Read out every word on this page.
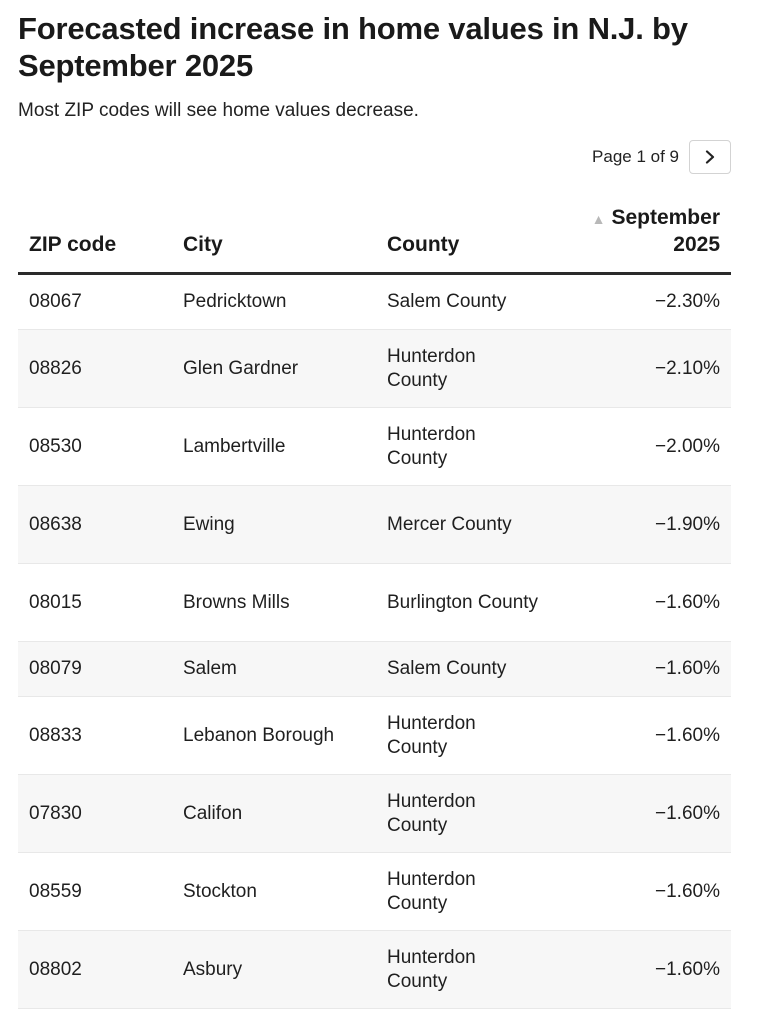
Forecasted increase in home values in N.J. by September 2025

Most ZIP codes will see home values decrease.

Page 1 of 9
ZIP code	City	County	▲ September 2025
08067	Pedricktown	Salem County	−2.30%
08826	Glen Gardner	Hunterdon County	−2.10%
08530	Lambertville	Hunterdon County	−2.00%
08638	Ewing	Mercer County	−1.90%
08015	Browns Mills	Burlington County	−1.60%
08079	Salem	Salem County	−1.60%
08833	Lebanon Borough	Hunterdon County	−1.60%
07830	Califon	Hunterdon County	−1.60%
08559	Stockton	Hunterdon County	−1.60%
08802	Asbury	Hunterdon County	−1.60%
